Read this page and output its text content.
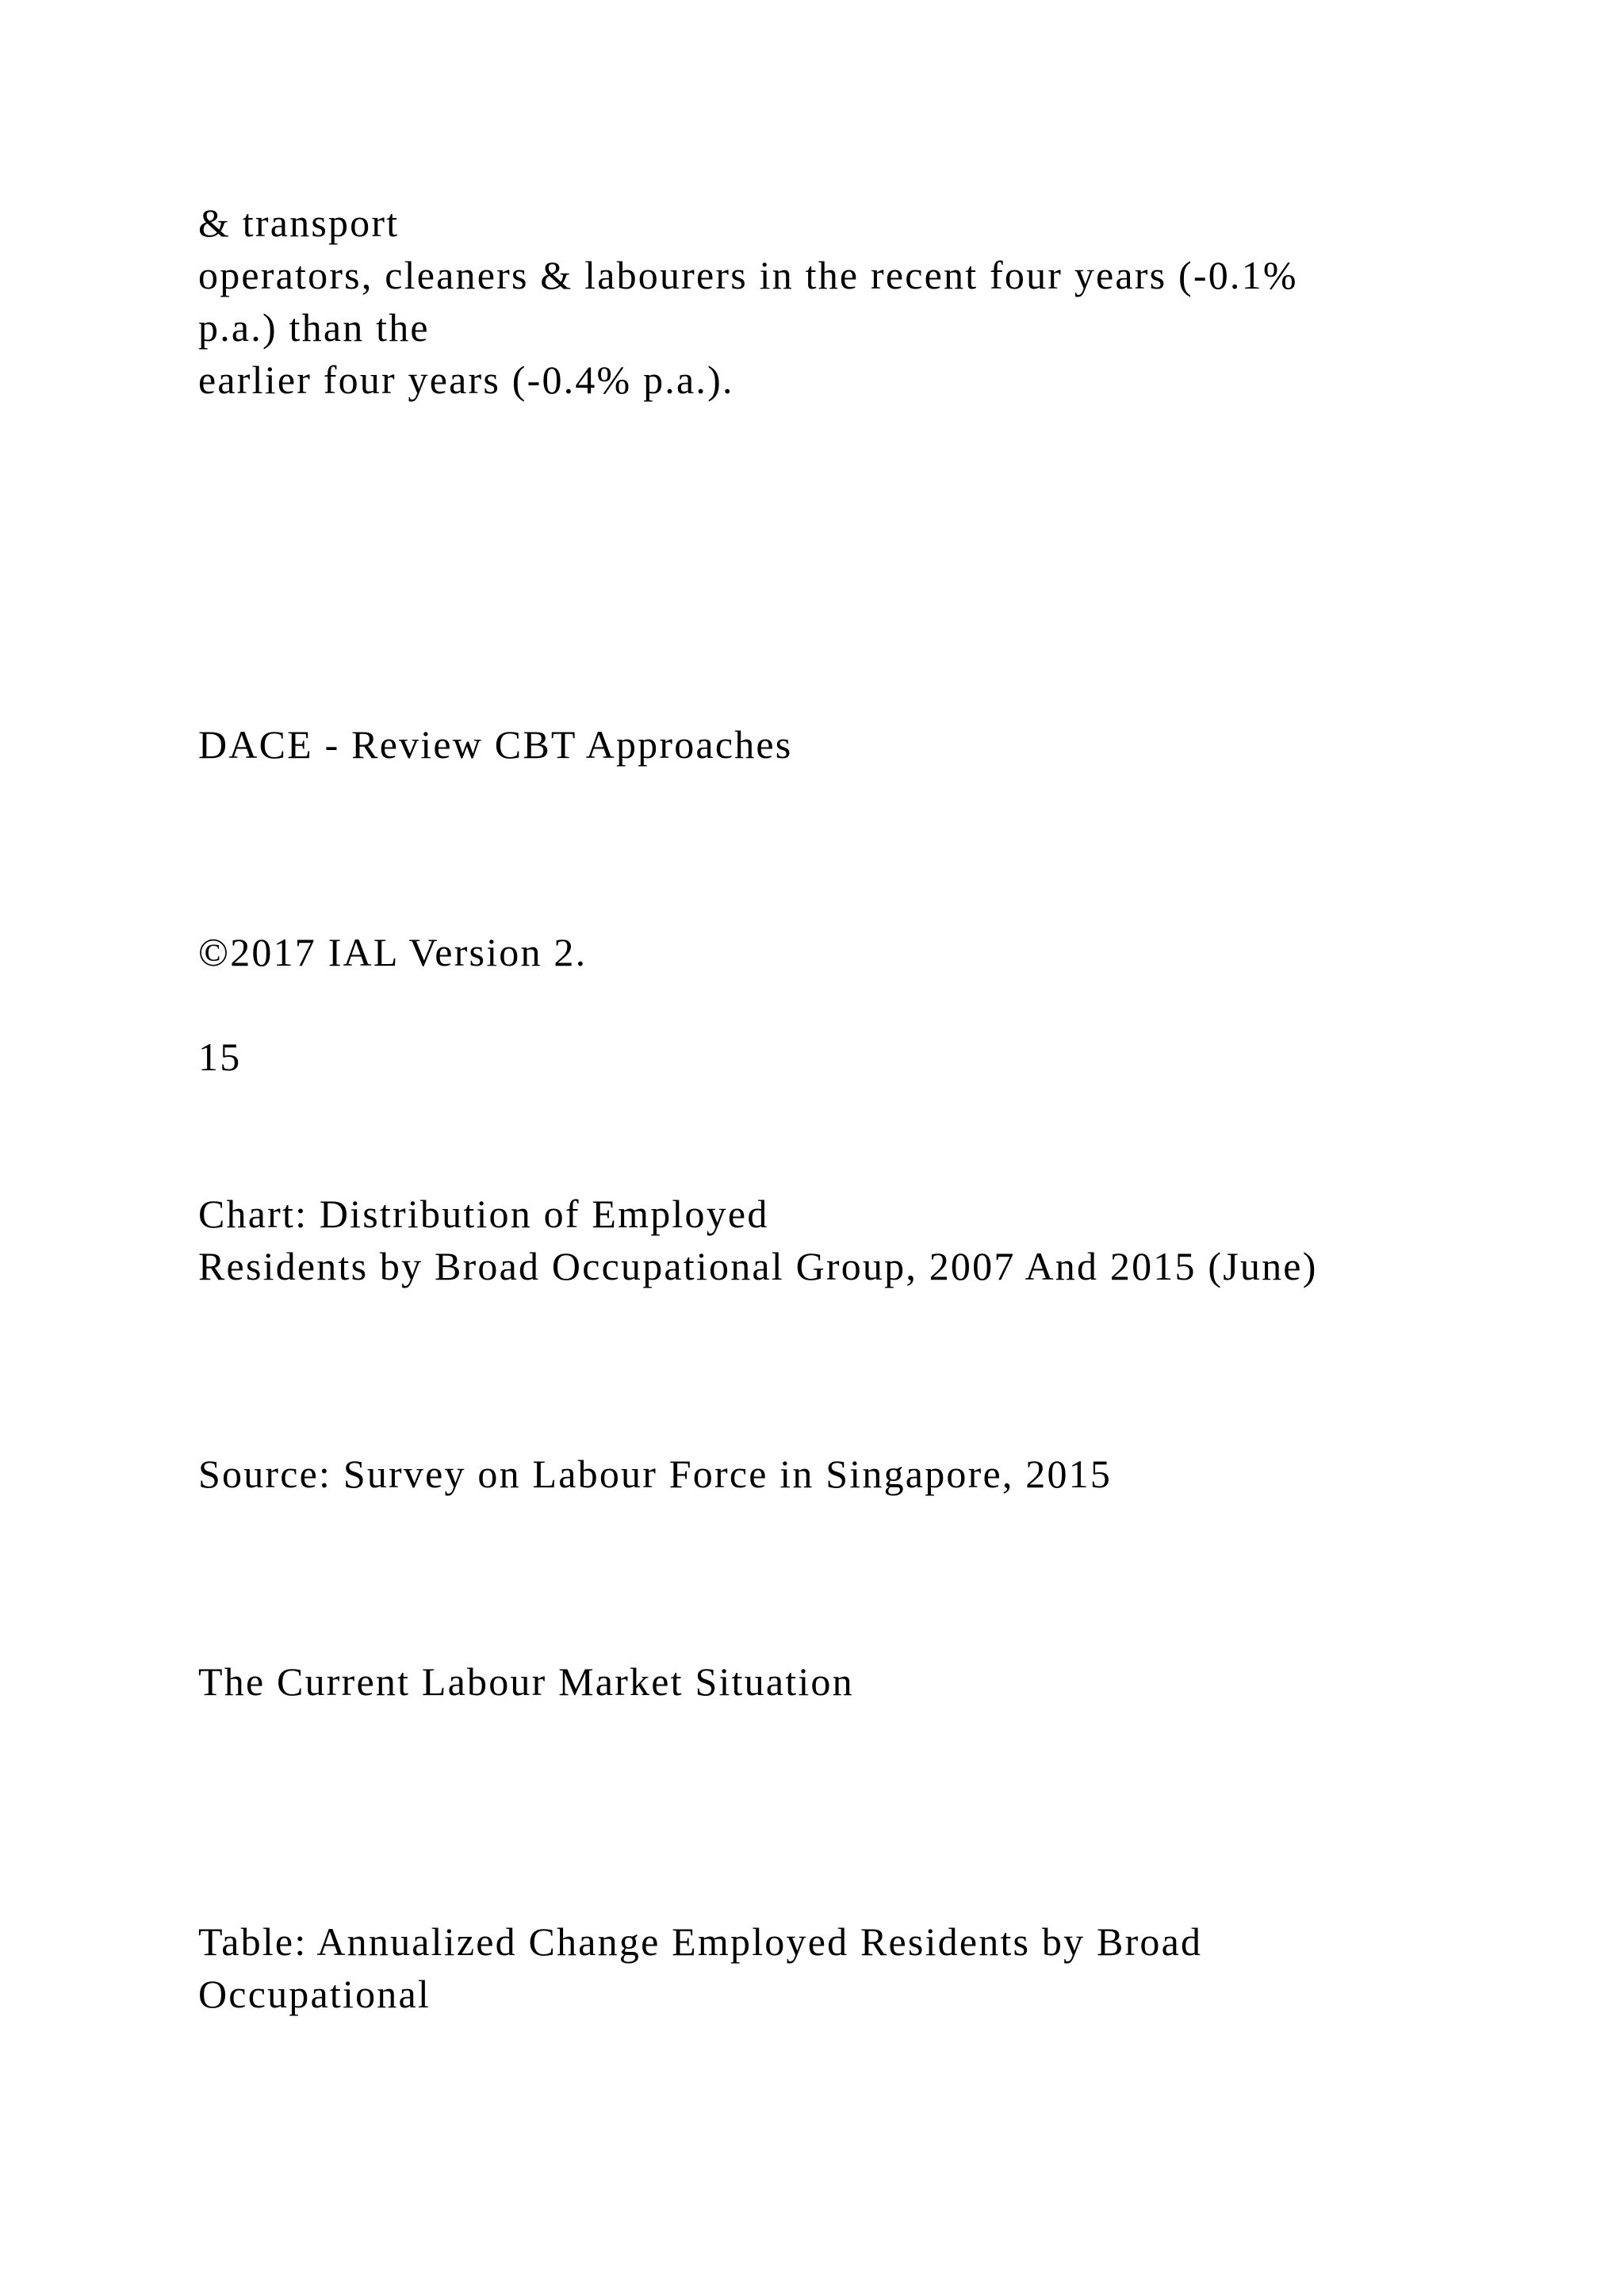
& transport

operators, cleaners & labourers in the recent four years (-0.1%

p.a.) than the

earlier four years (-0.4% p.a.).

DACE - Review CBT Approaches

©2017 IAL Version 2.

15

Chart: Distribution of Employed

Residents by Broad Occupational Group, 2007 And 2015 (June)

Source: Survey on Labour Force in Singapore, 2015

The Current Labour Market Situation

Table: Annualized Change Employed Residents by Broad

Occupational
